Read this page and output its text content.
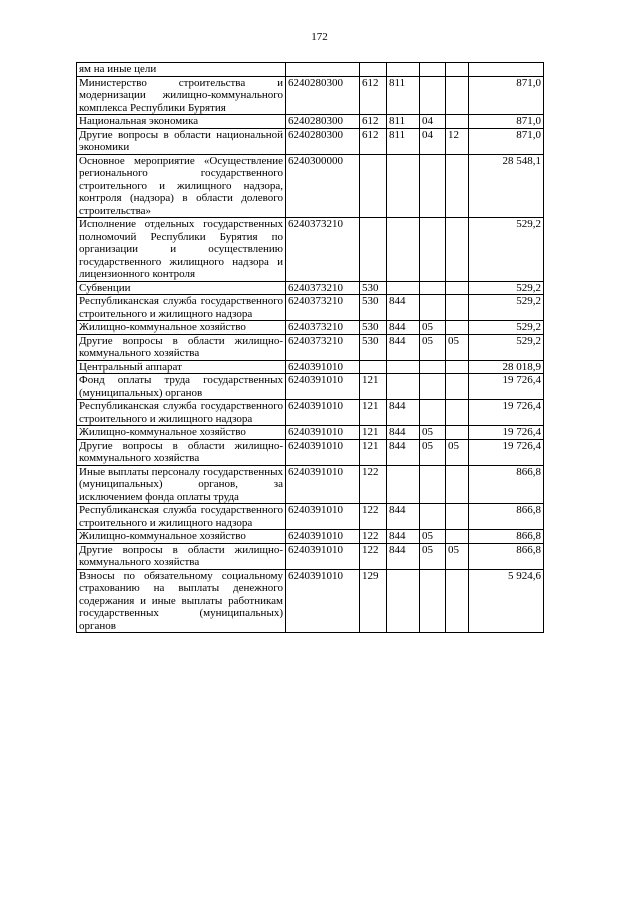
172
ям на иные цели						
Министерство строительства и модернизации жилищно-коммунального комплекса Республики Бурятия	6240280300	612	811			871,0
Национальная экономика	6240280300	612	811	04		871,0
Другие вопросы в области национальной экономики	6240280300	612	811	04	12	871,0
Основное мероприятие «Осуществление регионального государственного строительного и жилищного надзора, контроля (надзора) в области долевого строительства»	6240300000					28 548,1
Исполнение отдельных государственных полномочий Республики Бурятия по организации и осуществлению государственного жилищного надзора и лицензионного контроля	6240373210					529,2
Субвенции	6240373210	530				529,2
Республиканская служба государственного строительного и жилищного надзора	6240373210	530	844			529,2
Жилищно-коммунальное хозяйство	6240373210	530	844	05		529,2
Другие вопросы в области жилищно-коммунального хозяйства	6240373210	530	844	05	05	529,2
Центральный аппарат	6240391010					28 018,9
Фонд оплаты труда государственных (муниципальных) органов	6240391010	121				19 726,4
Республиканская служба государственного строительного и жилищного надзора	6240391010	121	844			19 726,4
Жилищно-коммунальное хозяйство	6240391010	121	844	05		19 726,4
Другие вопросы в области жилищно-коммунального хозяйства	6240391010	121	844	05	05	19 726,4
Иные выплаты персоналу государственных (муниципальных) органов, за исключением фонда оплаты труда	6240391010	122				866,8
Республиканская служба государственного строительного и жилищного надзора	6240391010	122	844			866,8
Жилищно-коммунальное хозяйство	6240391010	122	844	05		866,8
Другие вопросы в области жилищно-коммунального хозяйства	6240391010	122	844	05	05	866,8
Взносы по обязательному социальному страхованию на выплаты денежного содержания и иные выплаты работникам государственных (муниципальных) органов	6240391010	129				5 924,6
